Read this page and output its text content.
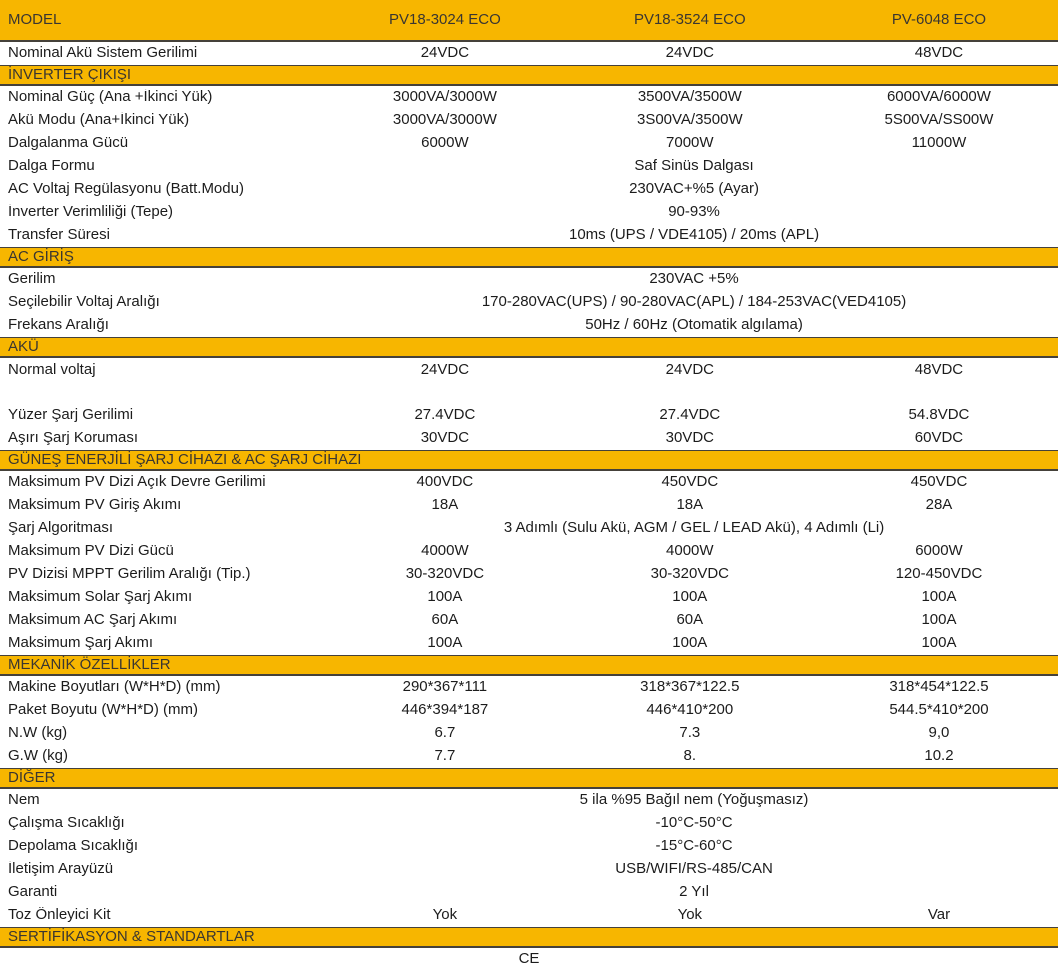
MODEL	PV18-3024 ECO	PV18-3524 ECO	PV-6048 ECO
Nominal Akü Sistem Gerilimi	24VDC	24VDC	48VDC
İNVERTER ÇIKIŞI
Nominal Güç (Ana +İkinci Yük)	3000VA/3000W	3500VA/3500W	6000VA/6000W
Akü Modu (Ana+İkinci Yük)	3000VA/3000W	3S00VA/3500W	5S00VA/SS00W
Dalgalanma Gücü	6000W	7000W	11000W
Dalga Formu	Saf Sinüs Dalgası
AC Voltaj Regülasyonu (Batt.Modu)	230VAC+%5 (Ayar)
İnverter Verimliliği (Tepe)	90-93%
Transfer Süresi	10ms (UPS / VDE4105) / 20ms (APL)
AC GİRİŞ
Gerilim	230VAC +5%
Seçilebilir Voltaj Aralığı	170-280VAC(UPS) / 90-280VAC(APL) / 184-253VAC(VED4105)
Frekans Aralığı	50Hz / 60Hz (Otomatik algılama)
AKÜ
Normal voltaj	24VDC	24VDC	48VDC
Yüzer Şarj Gerilimi	27.4VDC	27.4VDC	54.8VDC
Aşırı Şarj Koruması	30VDC	30VDC	60VDC
GÜNEŞ ENERJİLİ ŞARJ CİHAZI & AC ŞARJ CİHAZI
Maksimum PV Dizi Açık Devre Gerilimi	400VDC	450VDC	450VDC
Maksimum PV Giriş Akımı	18A	18A	28A
Şarj Algoritması	3 Adımlı (Sulu Akü, AGM / GEL / LEAD Akü), 4 Adımlı (Li)
Maksimum PV Dizi Gücü	4000W	4000W	6000W
PV Dizisi MPPT Gerilim Aralığı (Tip.)	30-320VDC	30-320VDC	120-450VDC
Maksimum Solar Şarj Akımı	100A	100A	100A
Maksimum AC Şarj Akımı	60A	60A	100A
Maksimum Şarj Akımı	100A	100A	100A
MEKANİK ÖZELLİKLER
Makine Boyutları (W*H*D) (mm)	290*367*111	318*367*122.5	318*454*122.5
Paket Boyutu (W*H*D) (mm)	446*394*187	446*410*200	544.5*410*200
N.W (kg)	6.7	7.3	9,0
G.W (kg)	7.7	8.	10.2
DİĞER
Nem	5 ila %95 Bağıl nem (Yoğuşmasız)
Çalışma Sıcaklığı	-10°C-50°C
Depolama Sıcaklığı	-15°C-60°C
İletişim Arayüzü	USB/WIFI/RS-485/CAN
Garanti	2 Yıl
Toz Önleyici Kit	Yok	Yok	Var
SERTİFİKASYON & STANDARTLAR
CE
